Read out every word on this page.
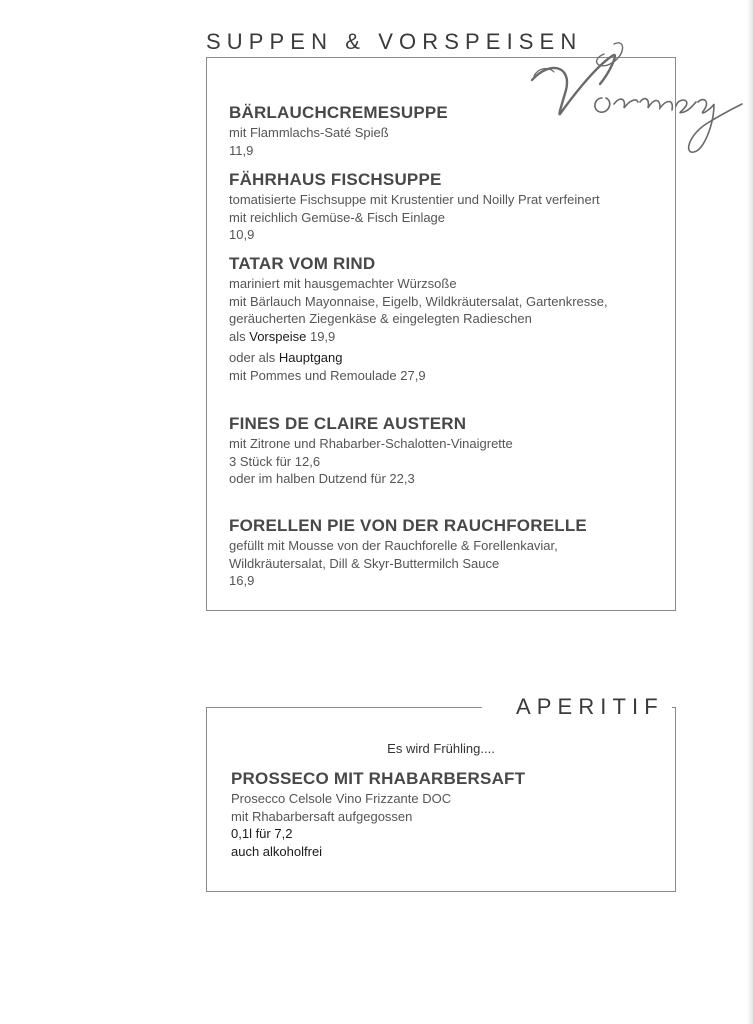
SUPPEN & VORSPEISEN
BÄRLAUCHCREMESUPPE
mit Flammlachs-Saté Spieß
11,9
FÄHRHAUS FISCHSUPPE
tomatisierte Fischsuppe mit Krustentier und Noilly Prat verfeinert
mit reichlich Gemüse-& Fisch Einlage
10,9
TATAR VOM RIND
mariniert mit hausgemachter Würzsoße
mit Bärlauch Mayonnaise, Eigelb, Wildkräutersalat, Gartenkresse,
geräucherten Ziegenkäse & eingelegten Radieschen
als Vorspeise 19,9
oder als Hauptgang
mit Pommes und Remoulade 27,9
FINES DE CLAIRE AUSTERN
mit Zitrone und Rhabarber-Schalotten-Vinaigrette
3 Stück für 12,6
oder im halben Dutzend für 22,3
FORELLEN PIE VON DER RAUCHFORELLE
gefüllt mit Mousse von der Rauchforelle & Forellenkaviar,
Wildkräutersalat, Dill & Skyr-Buttermilch Sauce
16,9
APERITIF
Es wird Frühling....
PROSSECO MIT RHABARBERSAFT
Prosecco Celsole Vino Frizzante DOC
mit Rhabarbersaft aufgegossen
0,1l für 7,2
auch alkoholfrei
